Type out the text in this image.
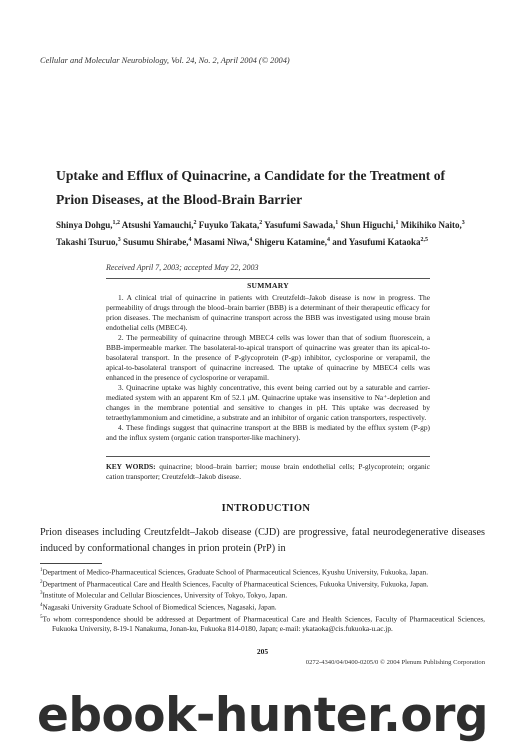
Cellular and Molecular Neurobiology, Vol. 24, No. 2, April 2004 (© 2004)
Uptake and Efflux of Quinacrine, a Candidate for the Treatment of Prion Diseases, at the Blood-Brain Barrier
Shinya Dohgu,$^{1,2}$ Atsushi Yamauchi,$^2$ Fuyuko Takata,$^2$ Yasufumi Sawada,$^1$ Shun Higuchi,$^1$ Mikihiko Naito,$^3$ Takashi Tsuruo,$^3$ Susumu Shirabe,$^4$ Masami Niwa,$^4$ Shigeru Katamine,$^4$ and Yasufumi Kataoka$^{2,5}$
Received April 7, 2003; accepted May 22, 2003
SUMMARY

1. A clinical trial of quinacrine in patients with Creutzfeldt–Jakob disease is now in progress. The permeability of drugs through the blood–brain barrier (BBB) is a determinant of their therapeutic efficacy for prion diseases. The mechanism of quinacrine transport across the BBB was investigated using mouse brain endothelial cells (MBEC4).

2. The permeability of quinacrine through MBEC4 cells was lower than that of sodium fluorescein, a BBB-impermeable marker. The basolateral-to-apical transport of quinacrine was greater than its apical-to-basolateral transport. In the presence of P-glycoprotein (P-gp) inhibitor, cyclosporine or verapamil, the apical-to-basolateral transport of quinacrine increased. The uptake of quinacrine by MBEC4 cells was enhanced in the presence of cyclosporine or verapamil.

3. Quinacrine uptake was highly concentrative, this event being carried out by a saturable and carrier-mediated system with an apparent Km of 52.1 μM. Quinacrine uptake was insensitive to Na⁺-depletion and changes in the membrane potential and sensitive to changes in pH. This uptake was decreased by tetraethylammonium and cimetidine, a substrate and an inhibitor of organic cation transporters, respectively.

4. These findings suggest that quinacrine transport at the BBB is mediated by the efflux system (P-gp) and the influx system (organic cation transporter-like machinery).

KEY WORDS: quinacrine; blood–brain barrier; mouse brain endothelial cells; P-glycoprotein; organic cation transporter; Creutzfeldt–Jakob disease.
INTRODUCTION
Prion diseases including Creutzfeldt–Jakob disease (CJD) are progressive, fatal neurodegenerative diseases induced by conformational changes in prion protein (PrP) in
$^1$Department of Medico-Pharmaceutical Sciences, Graduate School of Pharmaceutical Sciences, Kyushu University, Fukuoka, Japan.
$^2$Department of Pharmaceutical Care and Health Sciences, Faculty of Pharmaceutical Sciences, Fukuoka University, Fukuoka, Japan.
$^3$Institute of Molecular and Cellular Biosciences, University of Tokyo, Tokyo, Japan.
$^4$Nagasaki University Graduate School of Biomedical Sciences, Nagasaki, Japan.
$^5$To whom correspondence should be addressed at Department of Pharmaceutical Care and Health Sciences, Faculty of Pharmaceutical Sciences, Fukuoka University, 8-19-1 Nanakuma, Jonan-ku, Fukuoka 814-0180, Japan; e-mail: ykataoka@cis.fukuoka-u.ac.jp.
205
0272-4340/04/0400-0205/0 © 2004 Plenum Publishing Corporation
ebook-hunter.org
